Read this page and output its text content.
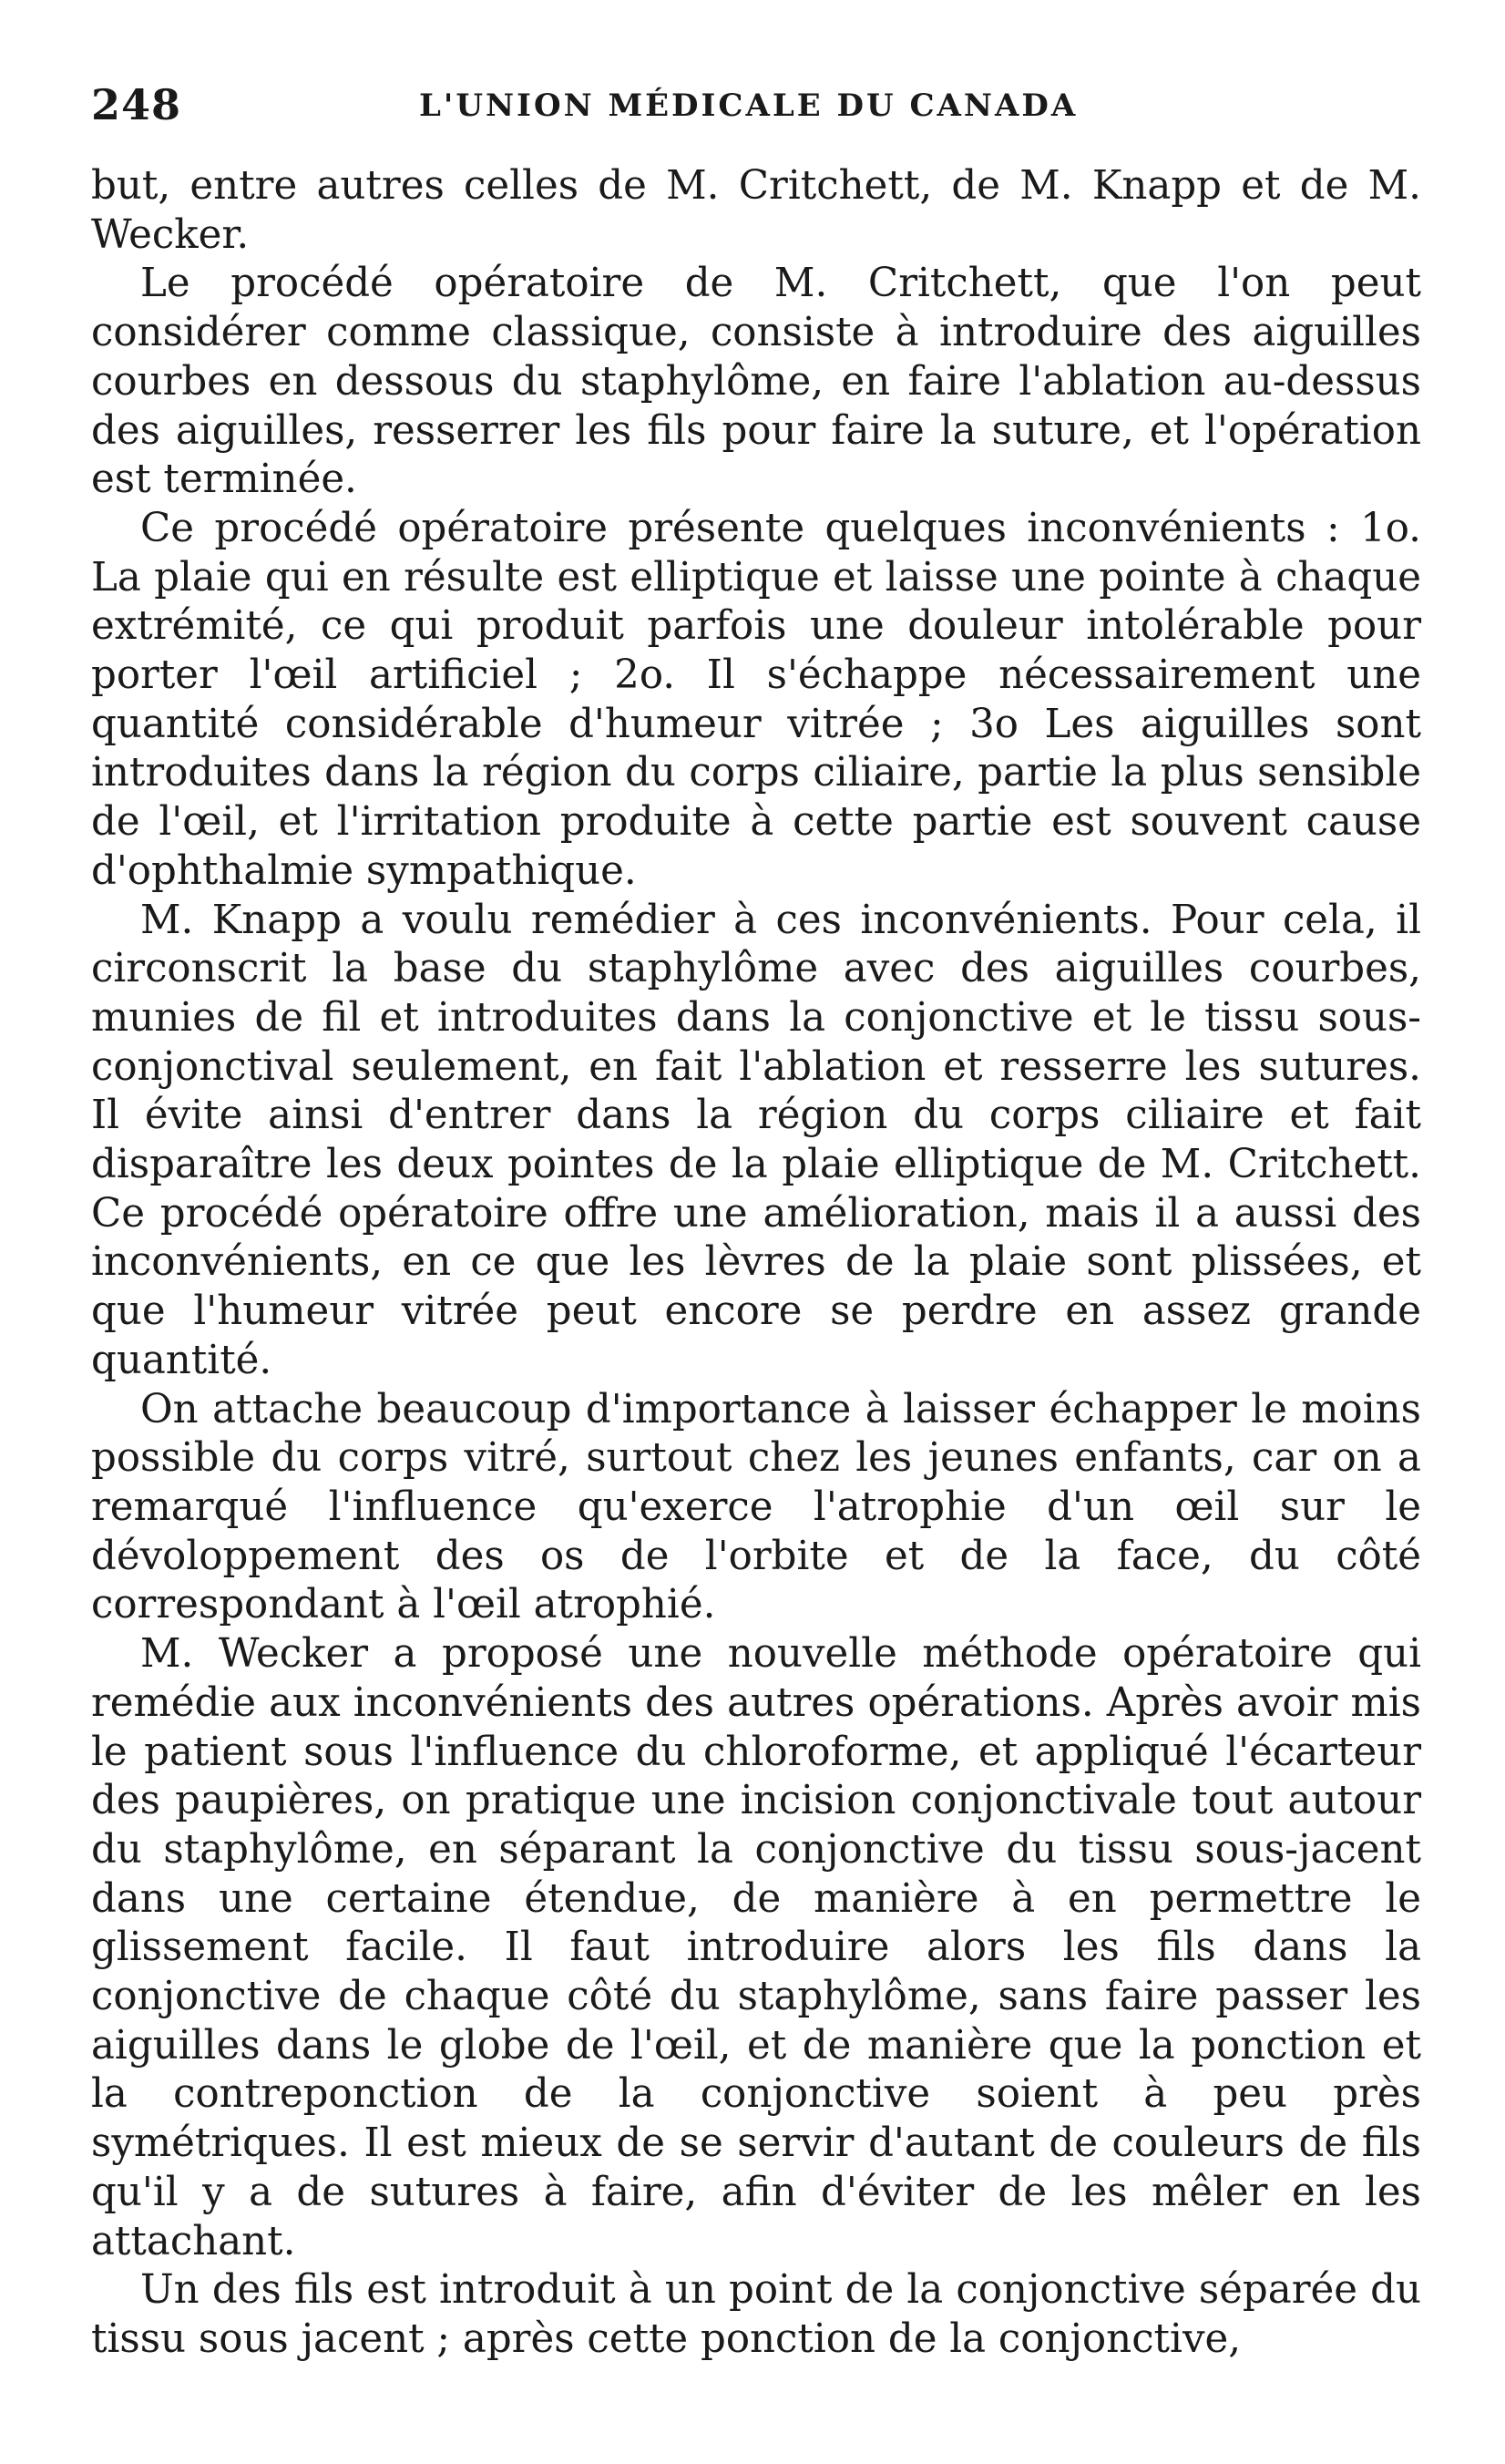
248	L'UNION MÉDICALE DU CANADA

but, entre autres celles de M. Critchett, de M. Knapp et de M. Wecker.

Le procédé opératoire de M. Critchett, que l'on peut considérer comme classique, consiste à introduire des aiguilles courbes en dessous du staphylôme, en faire l'ablation au-dessus des aiguilles, resserrer les fils pour faire la suture, et l'opération est terminée.

Ce procédé opératoire présente quelques inconvénients : 1o. La plaie qui en résulte est elliptique et laisse une pointe à chaque extrémité, ce qui produit parfois une douleur intolérable pour porter l'œil artificiel ; 2o. Il s'échappe nécessairement une quantité considérable d'humeur vitrée ; 3o Les aiguilles sont introduites dans la région du corps ciliaire, partie la plus sensible de l'œil, et l'irritation produite à cette partie est souvent cause d'ophthalmie sympathique.

M. Knapp a voulu remédier à ces inconvénients. Pour cela, il circonscrit la base du staphylôme avec des aiguilles courbes, munies de fil et introduites dans la conjonctive et le tissu sous-conjonctival seulement, en fait l'ablation et resserre les sutures. Il évite ainsi d'entrer dans la région du corps ciliaire et fait disparaître les deux pointes de la plaie elliptique de M. Critchett. Ce procédé opératoire offre une amélioration, mais il a aussi des inconvénients, en ce que les lèvres de la plaie sont plissées, et que l'humeur vitrée peut encore se perdre en assez grande quantité.

On attache beaucoup d'importance à laisser échapper le moins possible du corps vitré, surtout chez les jeunes enfants, car on a remarqué l'influence qu'exerce l'atrophie d'un œil sur le dévoloppement des os de l'orbite et de la face, du côté correspondant à l'œil atrophié.

M. Wecker a proposé une nouvelle méthode opératoire qui remédie aux inconvénients des autres opérations. Après avoir mis le patient sous l'influence du chloroforme, et appliqué l'écarteur des paupières, on pratique une incision conjonctivale tout autour du staphylôme, en séparant la conjonctive du tissu sous-jacent dans une certaine étendue, de manière à en permettre le glissement facile. Il faut introduire alors les fils dans la conjonctive de chaque côté du staphylôme, sans faire passer les aiguilles dans le globe de l'œil, et de manière que la ponction et la contreponction de la conjonctive soient à peu près symétriques. Il est mieux de se servir d'autant de couleurs de fils qu'il y a de sutures à faire, afin d'éviter de les mêler en les attachant.

Un des fils est introduit à un point de la conjonctive séparée du tissu sous jacent ; après cette ponction de la conjonctive,
